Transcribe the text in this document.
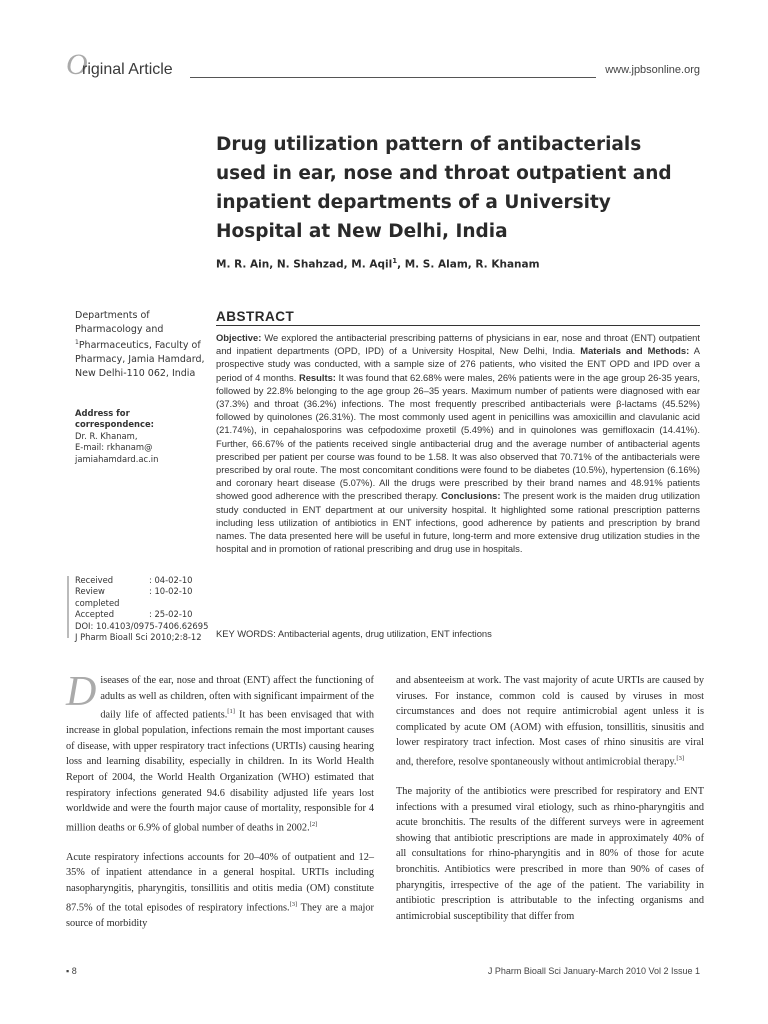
O
riginal Article	www.jpbsonline.org
Drug utilization pattern of antibacterials used in ear, nose and throat outpatient and inpatient departments of a University Hospital at New Delhi, India
M. R. Ain, N. Shahzad, M. Aqil$^1$, M. S. Alam, R. Khanam
Departments of Pharmacology and
$^1$Pharmaceutics, Faculty of Pharmacy, Jamia Hamdard, New Delhi-110 062, India
Address for correspondence:
Dr. R. Khanam,
E-mail: rkhanam@ jamiahamdard.ac.in
Received	: 04-02-10
Review completed
: 10-02-10
Accepted	: 25-02-10
DOI: 10.4103/0975-7406.62695
J Pharm Bioall Sci 2010;2:8-12
ABSTRACT

Objective: We explored the antibacterial prescribing patterns of physicians in ear, nose and throat (ENT) outpatient and inpatient departments (OPD, IPD) of a University Hospital, New Delhi, India. Materials and Methods: A prospective study was conducted, with a sample size of 276 patients, who visited the ENT OPD and IPD over a period of 4 months. Results: It was found that 62.68% were males, 26% patients were in the age group 26-35 years, followed by 22.8% belonging to the age group 26–35 years. Maximum number of patients were diagnosed with ear (37.3%) and throat (36.2%) infections. The most frequently prescribed antibacterials were β-lactams (45.52%) followed by quinolones (26.31%). The most commonly used agent in penicillins was amoxicillin and clavulanic acid (21.74%), in cepahalosporins was cefpodoxime proxetil (5.49%) and in quinolones was gemifloxacin (14.41%). Further, 66.67% of the patients received single antibacterial drug and the average number of antibacterial agents prescribed per patient per course was found to be 1.58. It was also observed that 70.71% of the antibacterials were prescribed by oral route. The most concomitant conditions were found to be diabetes (10.5%), hypertension (6.16%) and coronary heart disease (5.07%). All the drugs were prescribed by their brand names and 48.91% patients showed good adherence with the prescribed therapy. Conclusions: The present work is the maiden drug utilization study conducted in ENT department at our university hospital. It highlighted some rational prescription patterns including less utilization of antibiotics in ENT infections, good adherence by patients and prescription by brand names. The data presented here will be useful in future, long-term and more extensive drug utilization studies in the hospital and in promotion of rational prescribing and drug use in hospitals.

KEY WORDS: Antibacterial agents, drug utilization, ENT infections

Diseases of the ear, nose and throat (ENT) affect the functioning of adults as well as children, often with significant impairment of the daily life of affected patients.[1] It has been envisaged that with increase in global population, infections remain the most important causes of disease, with upper respiratory tract infections (URTIs) causing hearing loss and learning disability, especially in children. In its World Health Report of 2004, the World Health Organization (WHO) estimated that respiratory infections generated 94.6 disability adjusted life years lost worldwide and were the fourth major cause of mortality, responsible for 4 million deaths or 6.9% of global number of deaths in 2002.[2]

Acute respiratory infections accounts for 20–40% of outpatient and 12–35% of inpatient attendance in a general hospital. URTIs including nasopharyngitis, pharyngitis, tonsillitis and otitis media (OM) constitute 87.5% of the total episodes of respiratory infections.[3] They are a major source of morbidity

and absenteeism at work. The vast majority of acute URTIs are caused by viruses. For instance, common cold is caused by viruses in most circumstances and does not require antimicrobial agent unless it is complicated by acute OM (AOM) with effusion, tonsillitis, sinusitis and lower respiratory tract infection. Most cases of rhino sinusitis are viral and, therefore, resolve spontaneously without antimicrobial therapy.[3]

The majority of the antibiotics were prescribed for respiratory and ENT infections with a presumed viral etiology, such as rhino-pharyngitis and acute bronchitis. The results of the different surveys were in agreement showing that antibiotic prescriptions are made in approximately 40% of all consultations for rhino-pharyngitis and in 80% of those for acute bronchitis. Antibiotics were prescribed in more than 90% of cases of pharyngitis, irrespective of the age of the patient. The variability in antibiotic prescription is attributable to the infecting organisms and antimicrobial susceptibility that differ from

▪ 8	J Pharm Bioall Sci January-March 2010 Vol 2 Issue 1
